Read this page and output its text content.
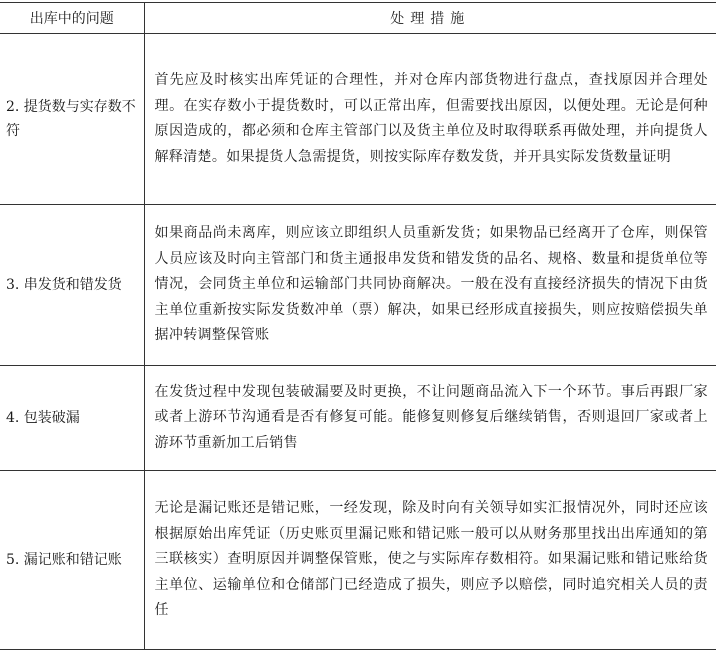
出库中的问题	处理措施
2. 提货数与实存数不符	首先应及时核实出库凭证的合理性，并对仓库内部货物进行盘点，查找原因并合理处理。在实存数小于提货数时，可以正常出库，但需要找出原因，以便处理。无论是何种原因造成的，都必须和仓库主管部门以及货主单位及时取得联系再做处理，并向提货人解释清楚。如果提货人急需提货，则按实际库存数发货，并开具实际发货数量证明
3. 串发货和错发货	如果商品尚未离库，则应该立即组织人员重新发货；如果物品已经离开了仓库，则保管人员应该及时向主管部门和货主通报串发货和错发货的品名、规格、数量和提货单位等情况，会同货主单位和运输部门共同协商解决。一般在没有直接经济损失的情况下由货主单位重新按实际发货数冲单（票）解决，如果已经形成直接损失，则应按赔偿损失单据冲转调整保管账
4. 包装破漏	在发货过程中发现包装破漏要及时更换，不让问题商品流入下一个环节。事后再跟厂家或者上游环节沟通看是否有修复可能。能修复则修复后继续销售，否则退回厂家或者上游环节重新加工后销售
5. 漏记账和错记账	无论是漏记账还是错记账，一经发现，除及时向有关领导如实汇报情况外，同时还应该根据原始出库凭证（历史账页里漏记账和错记账一般可以从财务那里找出出库通知的第三联核实）查明原因并调整保管账，使之与实际库存数相符。如果漏记账和错记账给货主单位、运输单位和仓储部门已经造成了损失，则应予以赔偿，同时追究相关人员的责任
